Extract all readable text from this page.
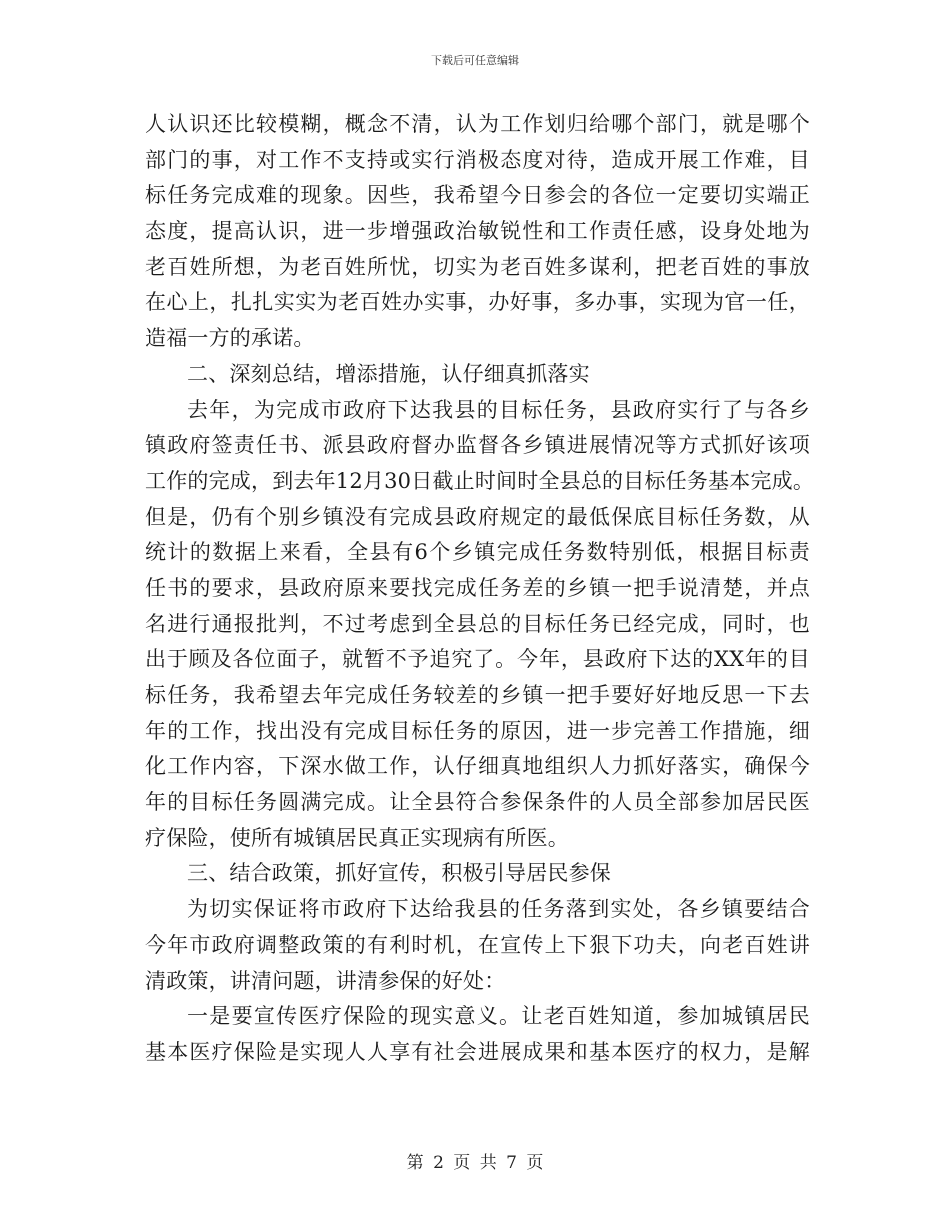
下载后可任意编辑
人认识还比较模糊，概念不清，认为工作划归给哪个部门，就是哪个
部门的事，对工作不支持或实行消极态度对待，造成开展工作难，目
标任务完成难的现象。因些，我希望今日参会的各位一定要切实端正
态度，提高认识，进一步增强政治敏锐性和工作责任感，设身处地为
老百姓所想，为老百姓所忧，切实为老百姓多谋利，把老百姓的事放
在心上，扎扎实实为老百姓办实事，办好事，多办事，实现为官一任，
造福一方的承诺。
二、深刻总结，增添措施，认仔细真抓落实
去年，为完成市政府下达我县的目标任务，县政府实行了与各乡
镇政府签责任书、派县政府督办监督各乡镇进展情况等方式抓好该项
工作的完成，到去年12月30日截止时间时全县总的目标任务基本完成。
但是，仍有个别乡镇没有完成县政府规定的最低保底目标任务数，从
统计的数据上来看，全县有6个乡镇完成任务数特别低，根据目标责
任书的要求，县政府原来要找完成任务差的乡镇一把手说清楚，并点
名进行通报批判，不过考虑到全县总的目标任务已经完成，同时，也
出于顾及各位面子，就暂不予追究了。今年，县政府下达的XX年的目
标任务，我希望去年完成任务较差的乡镇一把手要好好地反思一下去
年的工作，找出没有完成目标任务的原因，进一步完善工作措施，细
化工作内容，下深水做工作，认仔细真地组织人力抓好落实，确保今
年的目标任务圆满完成。让全县符合参保条件的人员全部参加居民医
疗保险，使所有城镇居民真正实现病有所医。
三、结合政策，抓好宣传，积极引导居民参保
为切实保证将市政府下达给我县的任务落到实处，各乡镇要结合
今年市政府调整政策的有利时机，在宣传上下狠下功夫，向老百姓讲
清政策，讲清问题，讲清参保的好处：
一是要宣传医疗保险的现实意义。让老百姓知道，参加城镇居民
基本医疗保险是实现人人享有社会进展成果和基本医疗的权力，是解
第 2 页 共 7 页
